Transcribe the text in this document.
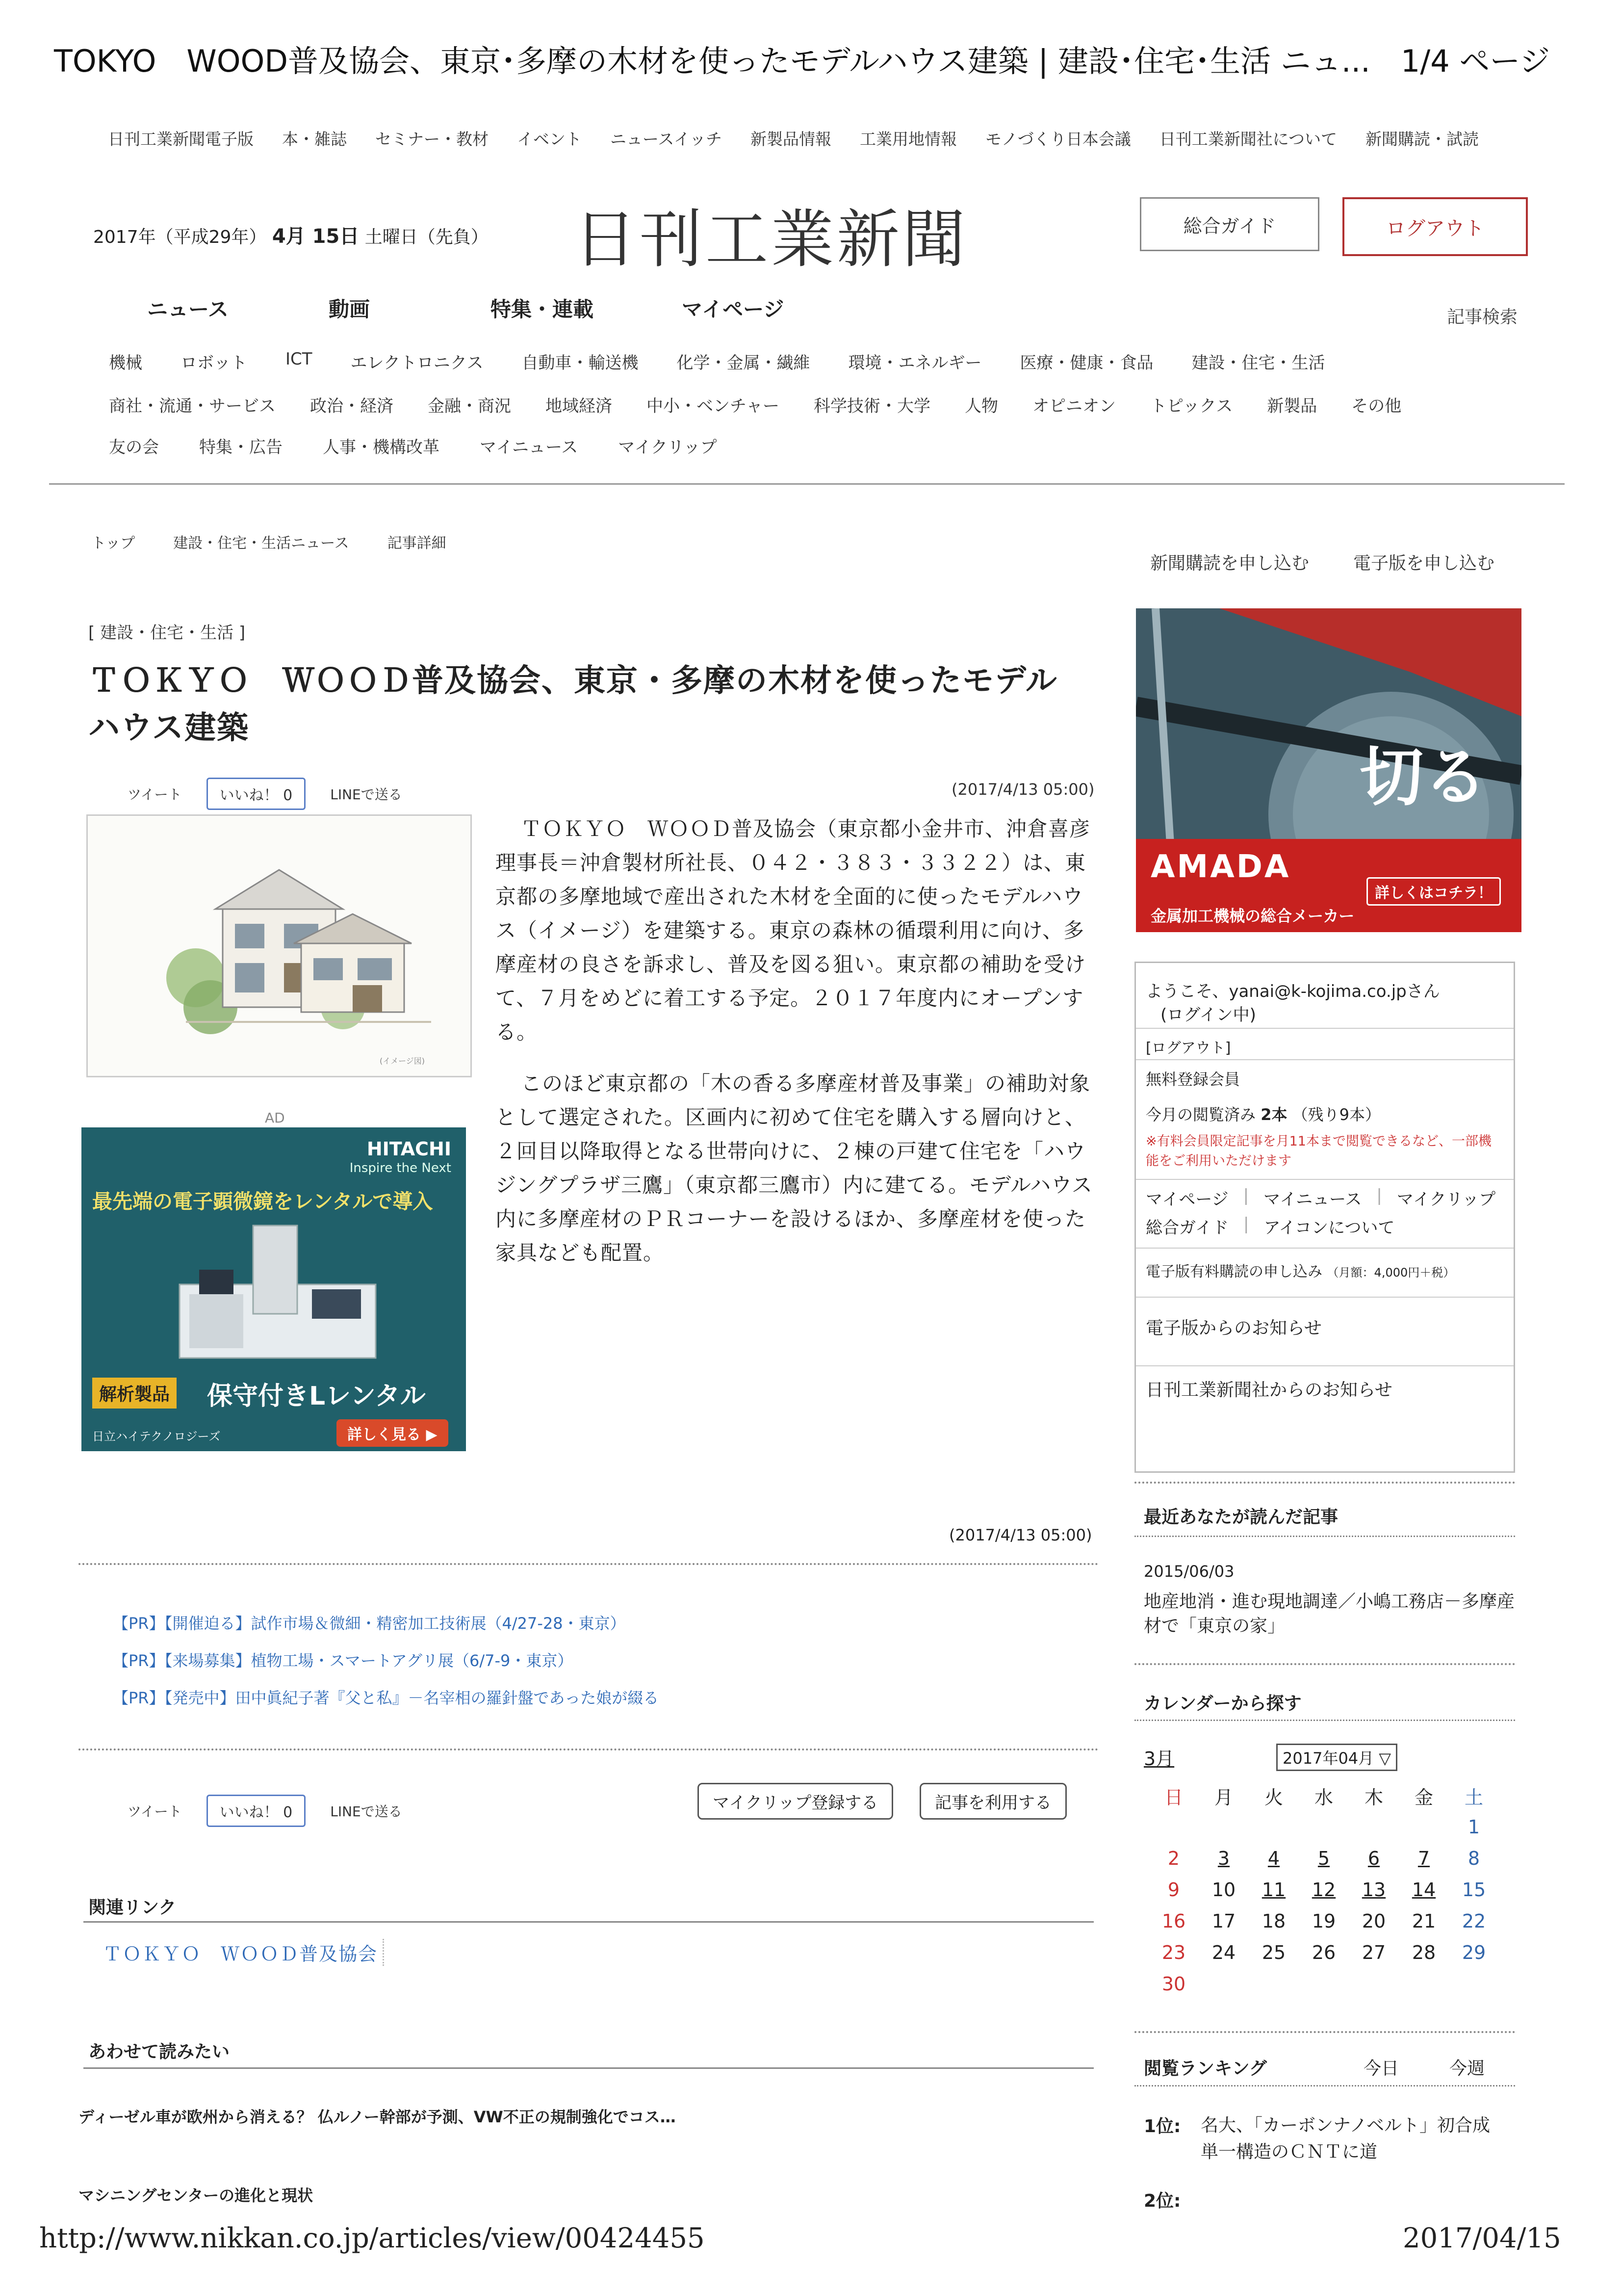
TOKYO　WOOD普及協会、東京･多摩の木材を使ったモデルハウス建築 | 建設･住宅･生活 ニュ...　1/4 ページ
http://www.nikkan.co.jp/articles/view/00424455	2017/04/15
日刊工業新聞電子版 本・雑誌 セミナー・教材 イベント ニュースイッチ 新製品情報 工業用地情報 モノづくり日本会議 日刊工業新聞社について 新聞購読・試読
2017年（平成29年） 4月 15日 土曜日（先負） 日刊工業新聞	総合ガイド	ログアウト
ニュース	動画	特集・連載	マイページ	記事検索
機械 ロボット ICT エレクトロニクス 自動車・輸送機 化学・金属・繊維 環境・エネルギー 医療・健康・食品 建設・住宅・生活
商社・流通・サービス 政治・経済 金融・商況 地域経済 中小・ベンチャー 科学技術・大学 人物 オピニオン トピックス 新製品 その他
友の会 特集・広告 人事・機構改革 マイニュース マイクリップ
トップ	建設・住宅・生活ニュース	記事詳細
新聞購読を申し込む	電子版を申し込む
[ 建設・住宅・生活 ]
ＴＯＫＹＯ　ＷＯＯＤ普及協会、東京・多摩の木材を使ったモデルハウス建築
ツイート	いいね！ 0	LINEで送る	(2017/4/13 05:00)
(イメージ図)

ＴＯＫＹＯ　ＷＯＯＤ普及協会（東京都小金井市、沖倉喜彦理事長＝沖倉製材所社長、０４２・３８３・３３２２）は、東京都の多摩地域で産出された木材を全面的に使ったモデルハウス（イメージ）を建築する。東京の森林の循環利用に向け、多摩産材の良さを訴求し、普及を図る狙い。東京都の補助を受けて、７月をめどに着工する予定。２０１７年度内にオープンする。

このほど東京都の「木の香る多摩産材普及事業」の補助対象として選定された。区画内に初めて住宅を購入する層向けと、２回目以降取得となる世帯向けに、２棟の戸建て住宅を「ハウジングプラザ三鷹」（東京都三鷹市）内に建てる。モデルハウス内に多摩産材のＰＲコーナーを設けるほか、多摩産材を使った家具なども配置。

AD
HITACHI
Inspire the Next
最先端の電子顕微鏡をレンタルで導入
解析製品 保守付きLレンタル
日立ハイテクノロジーズ	詳しく見る ▶
切る
AMADA
詳しくはコチラ！
金属加工機械の総合メーカー
ようこそ、yanai@k-kojima.co.jpさん
(ログイン中)
[ログアウト]
無料登録会員
今月の閲覧済み 2本 （残り9本）
※有料会員限定記事を月11本まで閲覧できるなど、一部機能をご利用いただけます
マイページ | マイニュース | マイクリップ
総合ガイド | アイコンについて
電子版有料購読の申し込み （月額：4,000円＋税）
電子版からのお知らせ
日刊工業新聞社からのお知らせ
最近あなたが読んだ記事
2015/06/03
地産地消・進む現地調達／小嶋工務店－多摩産材で「東京の家」
カレンダーから探す
3月	2017年04月 ▽
日	月	火	水	木	金	土
						1
2	3	4	5	6	7	8
9	10	11	12	13	14	15
16	17	18	19	20	21	22
23	24	25	26	27	28	29
30						
閲覧ランキング	今日	今週
1位: 名大、「カーボンナノベルト」初合成　単一構造のＣＮＴに道
2位:
(2017/4/13 05:00)
【PR】【開催迫る】試作市場＆微細・精密加工技術展（4/27-28・東京）
【PR】【来場募集】植物工場・スマートアグリ展（6/7-9・東京）
【PR】【発売中】田中眞紀子著『父と私』－名宰相の羅針盤であった娘が綴る
ツイート	いいね！ 0	LINEで送る	マイクリップ登録する	記事を利用する
関連リンク
ＴＯＫＹＯ　ＷＯＯＤ普及協会
あわせて読みたい
ディーゼル車が欧州から消える？ 仏ルノー幹部が予測、VW不正の規制強化でコス…
マシニングセンターの進化と現状
